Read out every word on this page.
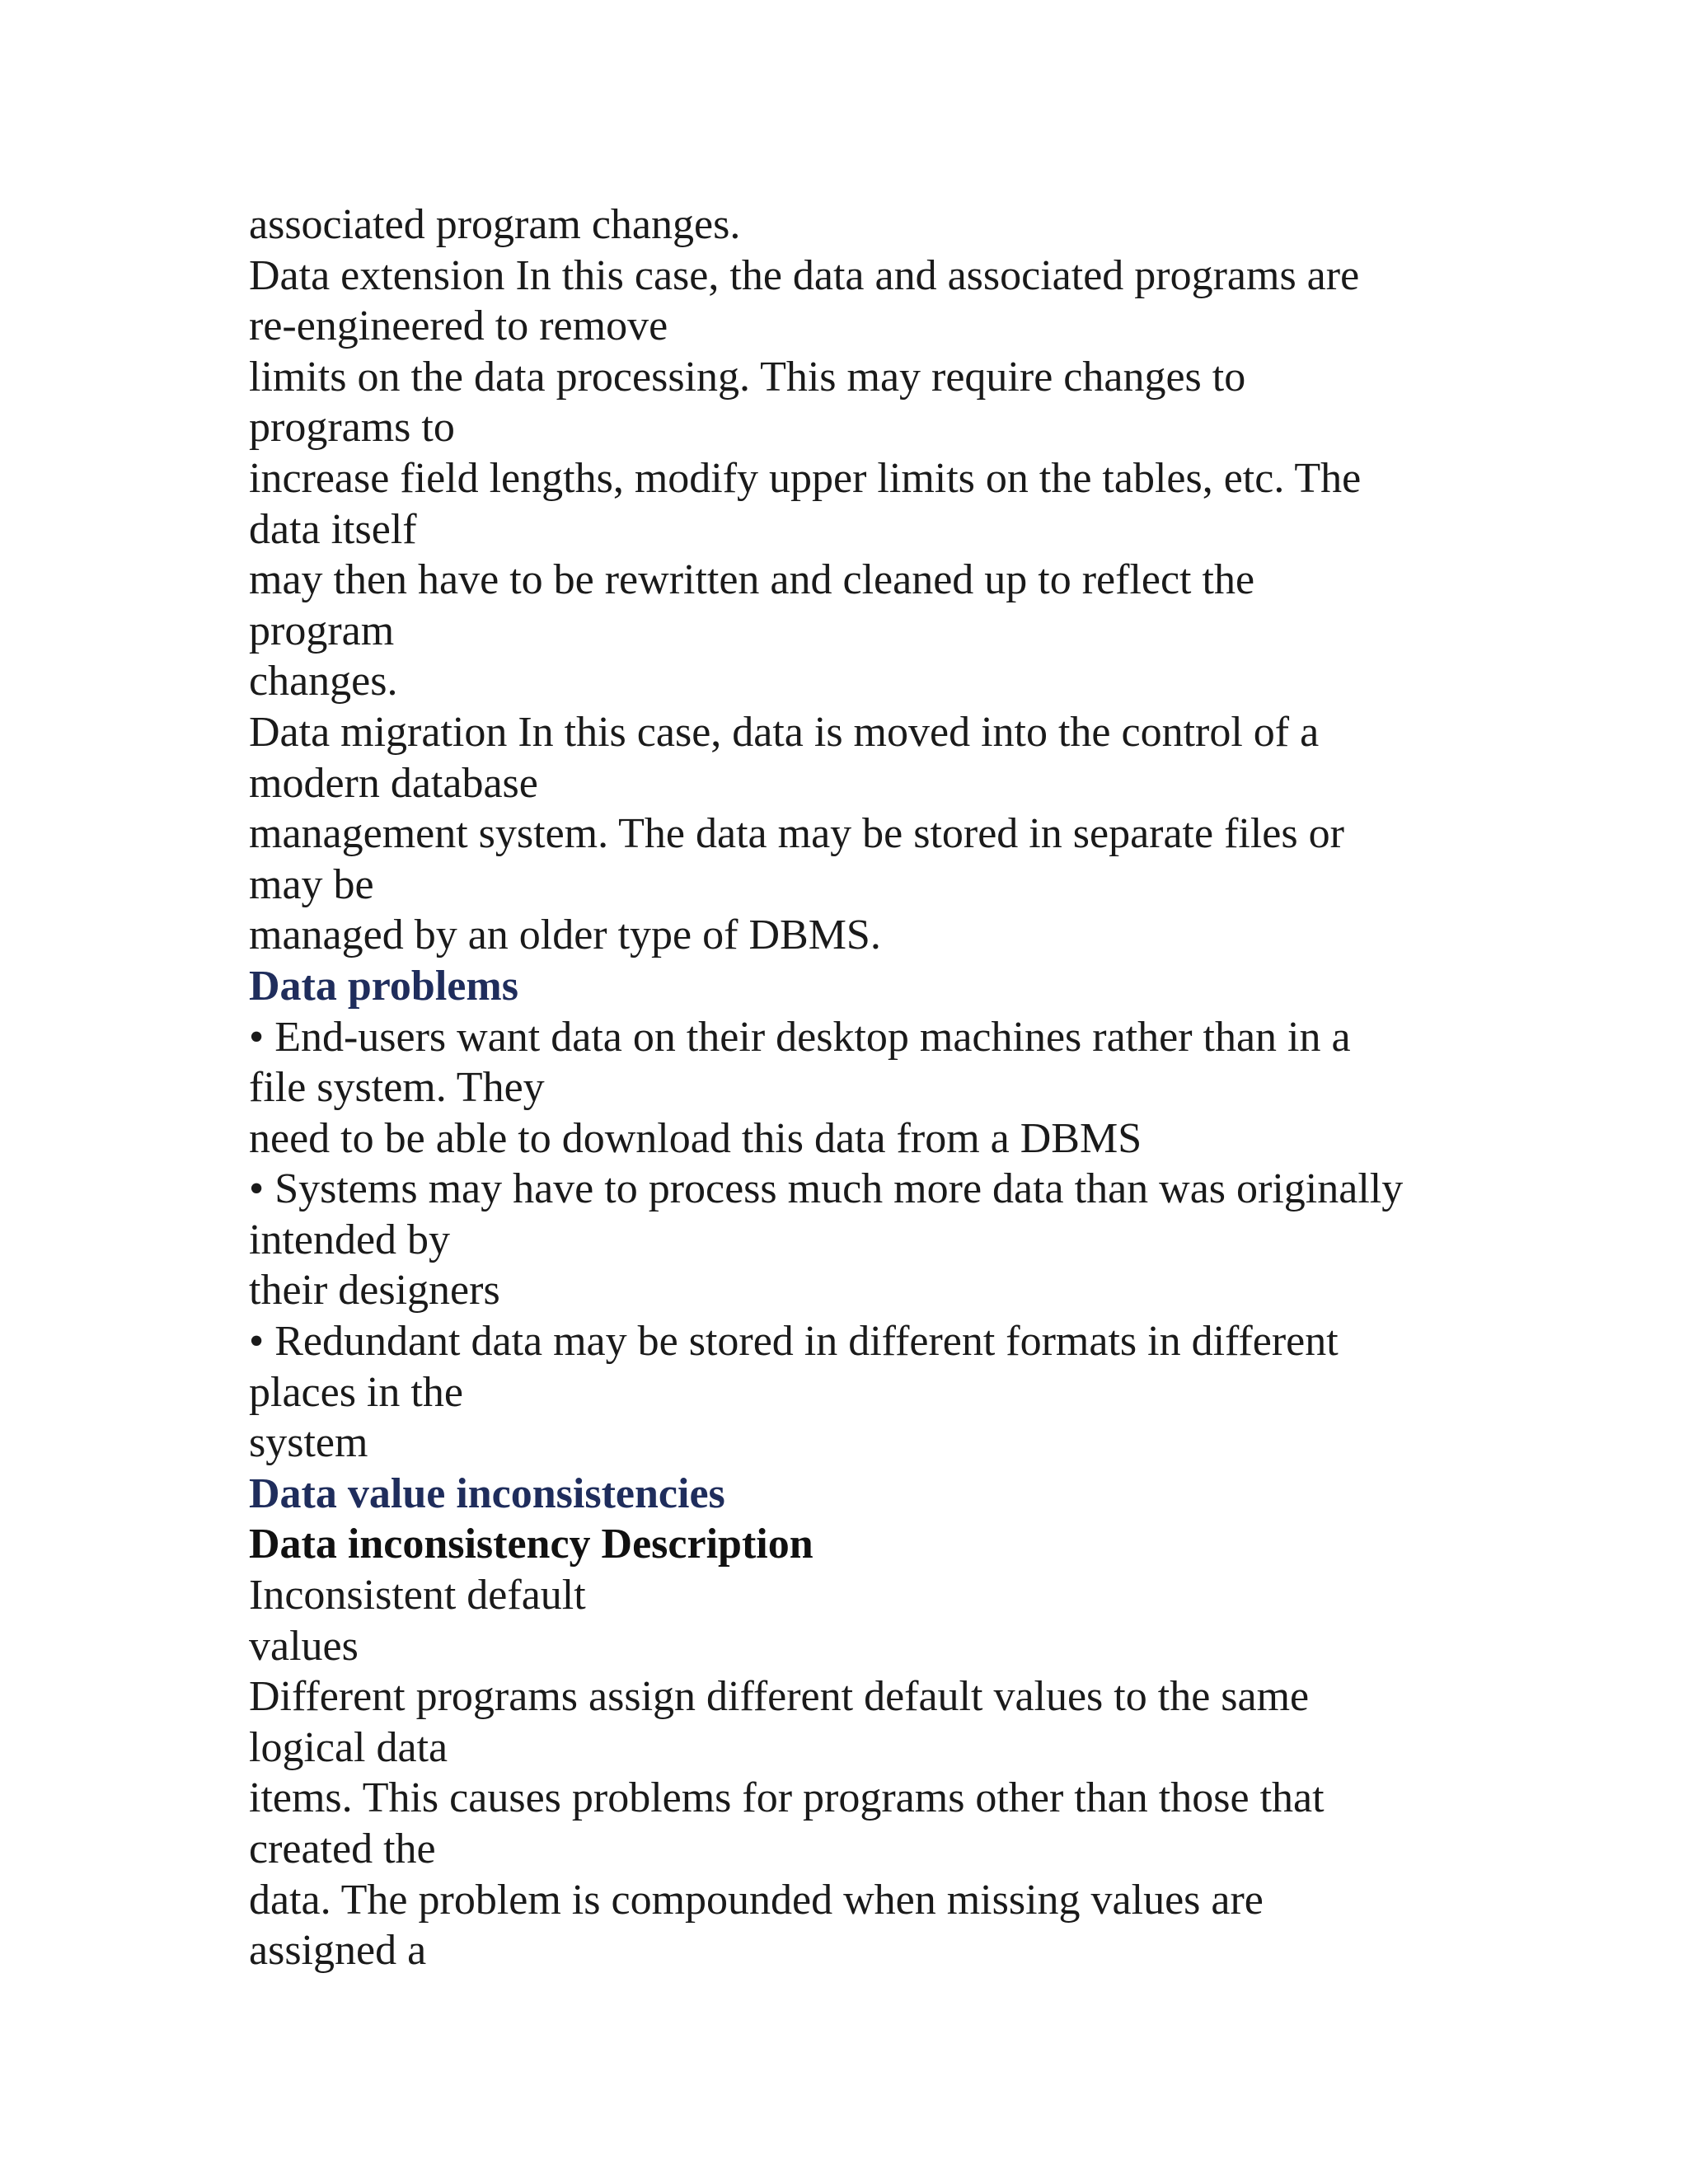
associated program changes.
Data extension In this case, the data and associated programs are
re-engineered to remove
limits on the data processing. This may require changes to
programs to
increase field lengths, modify upper limits on the tables, etc. The
data itself
may then have to be rewritten and cleaned up to reflect the
program
changes.
Data migration In this case, data is moved into the control of a
modern database
management system. The data may be stored in separate files or
may be
managed by an older type of DBMS.
Data problems
• End-users want data on their desktop machines rather than in a
file system. They
need to be able to download this data from a DBMS
• Systems may have to process much more data than was originally
intended by
their designers
• Redundant data may be stored in different formats in different
places in the
system
Data value inconsistencies
Data inconsistency Description
Inconsistent default
values
Different programs assign different default values to the same
logical data
items. This causes problems for programs other than those that
created the
data. The problem is compounded when missing values are
assigned a
